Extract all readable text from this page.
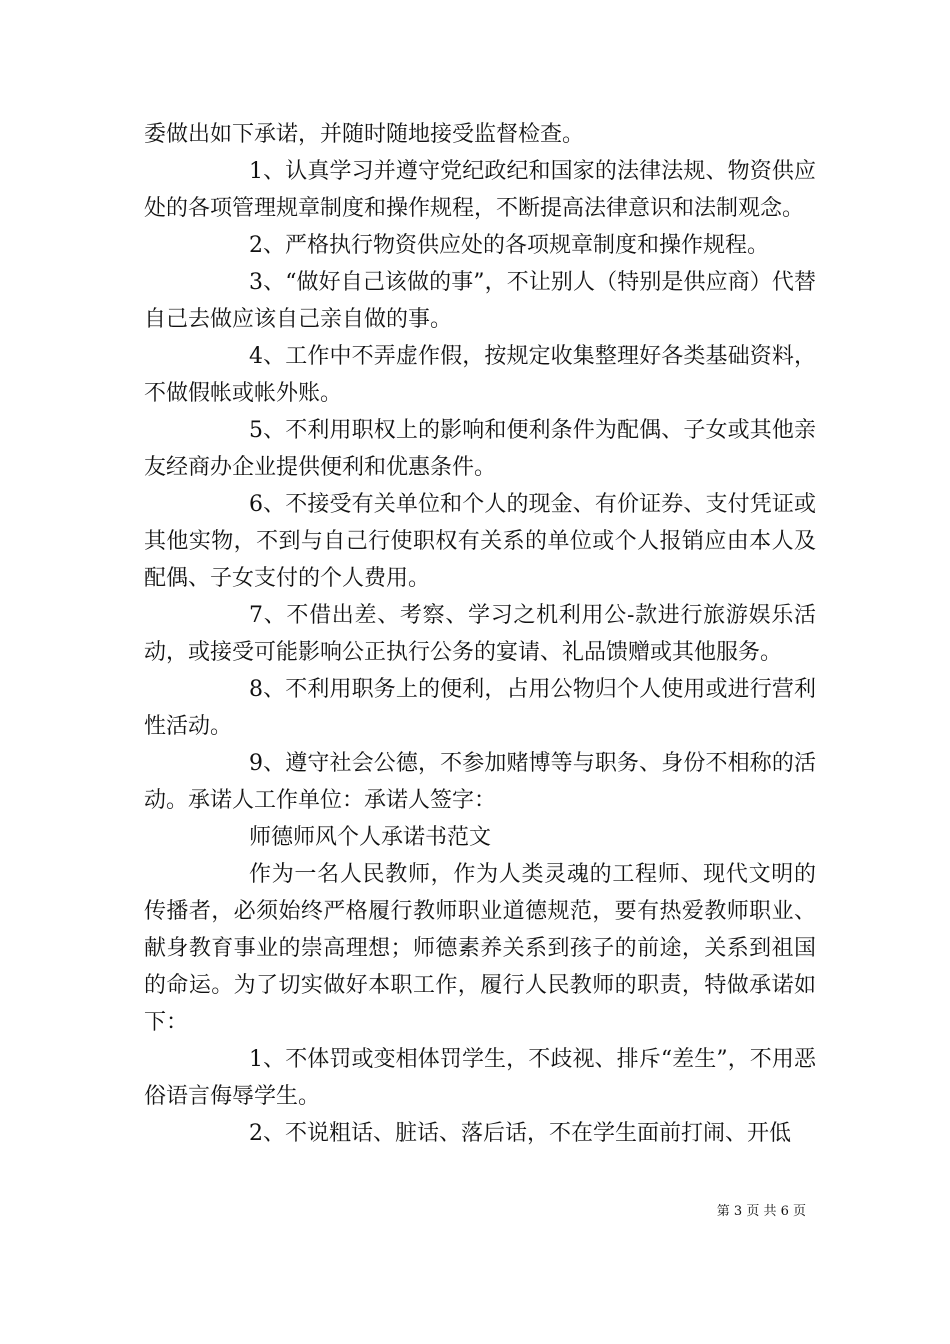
委做出如下承诺，并随时随地接受监督检查。

1、认真学习并遵守党纪政纪和国家的法律法规、物资供应处的各项管理规章制度和操作规程，不断提高法律意识和法制观念。

2、严格执行物资供应处的各项规章制度和操作规程。

3、“做好自己该做的事”，不让别人（特别是供应商）代替自己去做应该自己亲自做的事。

4、工作中不弄虚作假，按规定收集整理好各类基础资料，不做假帐或帐外账。

5、不利用职权上的影响和便利条件为配偶、子女或其他亲友经商办企业提供便利和优惠条件。

6、不接受有关单位和个人的现金、有价证券、支付凭证或其他实物，不到与自己行使职权有关系的单位或个人报销应由本人及配偶、子女支付的个人费用。

7、不借出差、考察、学习之机利用公-款进行旅游娱乐活动，或接受可能影响公正执行公务的宴请、礼品馈赠或其他服务。

8、不利用职务上的便利，占用公物归个人使用或进行营利性活动。

9、遵守社会公德，不参加赌博等与职务、身份不相称的活动。承诺人工作单位：承诺人签字：

师德师风个人承诺书范文

作为一名人民教师，作为人类灵魂的工程师、现代文明的传播者，必须始终严格履行教师职业道德规范，要有热爱教师职业、献身教育事业的崇高理想；师德素养关系到孩子的前途，关系到祖国的命运。为了切实做好本职工作，履行人民教师的职责，特做承诺如下：

1、不体罚或变相体罚学生，不歧视、排斥“差生”，不用恶俗语言侮辱学生。

2、不说粗话、脏话、落后话，不在学生面前打闹、开低

第 3 页 共 6 页
